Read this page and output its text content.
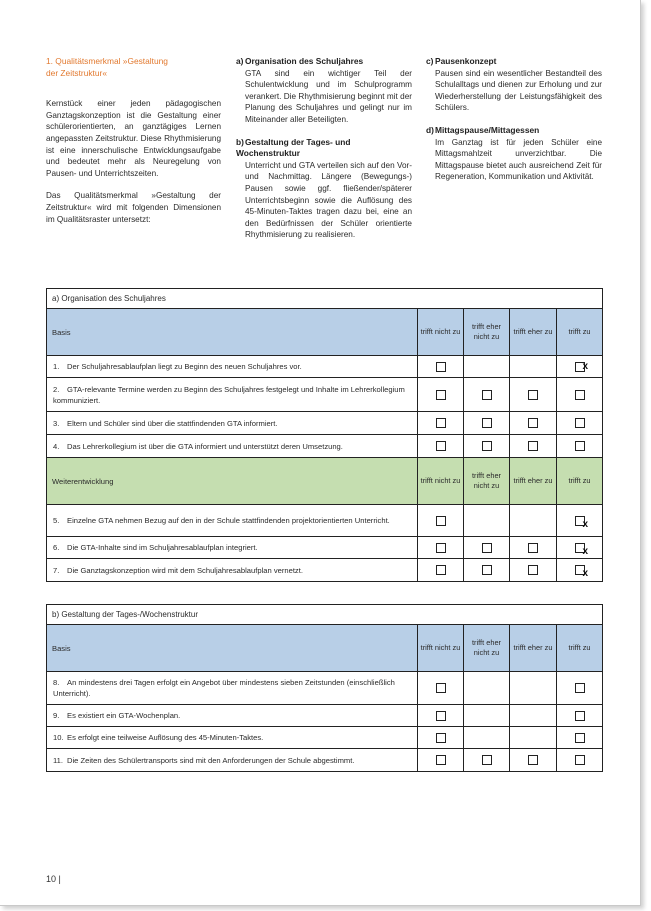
1. Qualitätsmerkmal »Gestaltung
der Zeitstruktur«

Kernstück einer jeden pädagogischen Ganztagskonzeption ist die Gestaltung einer schülerorientierten, an ganztägiges Lernen angepassten Zeitstruktur. Diese Rhythmisierung ist eine innerschulische Entwicklungsaufgabe und bedeutet mehr als Neuregelung von Pausen- und Unterrichtszeiten.

Das Qualitätsmerkmal »Gestaltung der Zeitstruktur« wird mit folgenden Dimensionen im Qualitätsraster untersetzt:

a) Organisation des Schuljahres

GTA sind ein wichtiger Teil der Schulentwicklung und im Schulprogramm verankert. Die Rhythmisierung beginnt mit der Planung des Schuljahres und gelingt nur im Miteinander aller Beteiligten.

b)Gestaltung der Tages- und Wochenstruktur

Unterricht und GTA verteilen sich auf den Vor- und Nachmittag. Längere (Bewegungs-) Pausen sowie ggf. fließender/späterer Unterrichtsbeginn sowie die Auflösung des 45-Minuten-Taktes tragen dazu bei, eine an den Bedürfnissen der Schüler orientierte Rhythmisierung zu realisieren.

c) Pausenkonzept

Pausen sind ein wesentlicher Bestandteil des Schulalltags und dienen zur Erholung und zur Wiederherstellung der Leistungsfähigkeit des Schülers.

d)Mittagspause/Mittagessen

Im Ganztag ist für jeden Schüler eine Mittagsmahlzeit unverzichtbar. Die Mittagspause bietet auch ausreichend Zeit für Regeneration, Kommunikation und Aktivität.

a) Organisation des Schuljahres				
Basis	trifft nicht zu	trifft eher nicht zu	trifft eher zu	trifft zu
1. Der Schuljahresablaufplan liegt zu Beginn des neuen Schuljahres vor.				x

2. GTA-relevante Termine werden zu Beginn des Schuljahres festgelegt und Inhalte im Lehrerkollegium kommuniziert.				
3. Eltern und Schüler sind über die stattfindenden GTA informiert.				
4. Das Lehrerkollegium ist über die GTA informiert und unterstützt deren Umsetzung.				
Weiterentwicklung	trifft nicht zu	trifft eher nicht zu	trifft eher zu	trifft zu
5. Einzelne GTA nehmen Bezug auf den in der Schule stattfindenden projektorientierten Unterricht.				x

6. Die GTA-Inhalte sind im Schuljahresablaufplan integriert.				x

7. Die Ganztagskonzeption wird mit dem Schuljahresablaufplan vernetzt.				x
b) Gestaltung der Tages-/Wochenstruktur				
Basis	trifft nicht zu	trifft eher nicht zu	trifft eher zu	trifft zu
8. An mindestens drei Tagen erfolgt ein Angebot über mindestens sieben Zeitstunden (einschließlich Unterricht).				
9. Es existiert ein GTA-Wochenplan.				
10. Es erfolgt eine teilweise Auflösung des 45-Minuten-Taktes.				
11. Die Zeiten des Schülertransports sind mit den Anforderungen der Schule abgestimmt.				
10 |
